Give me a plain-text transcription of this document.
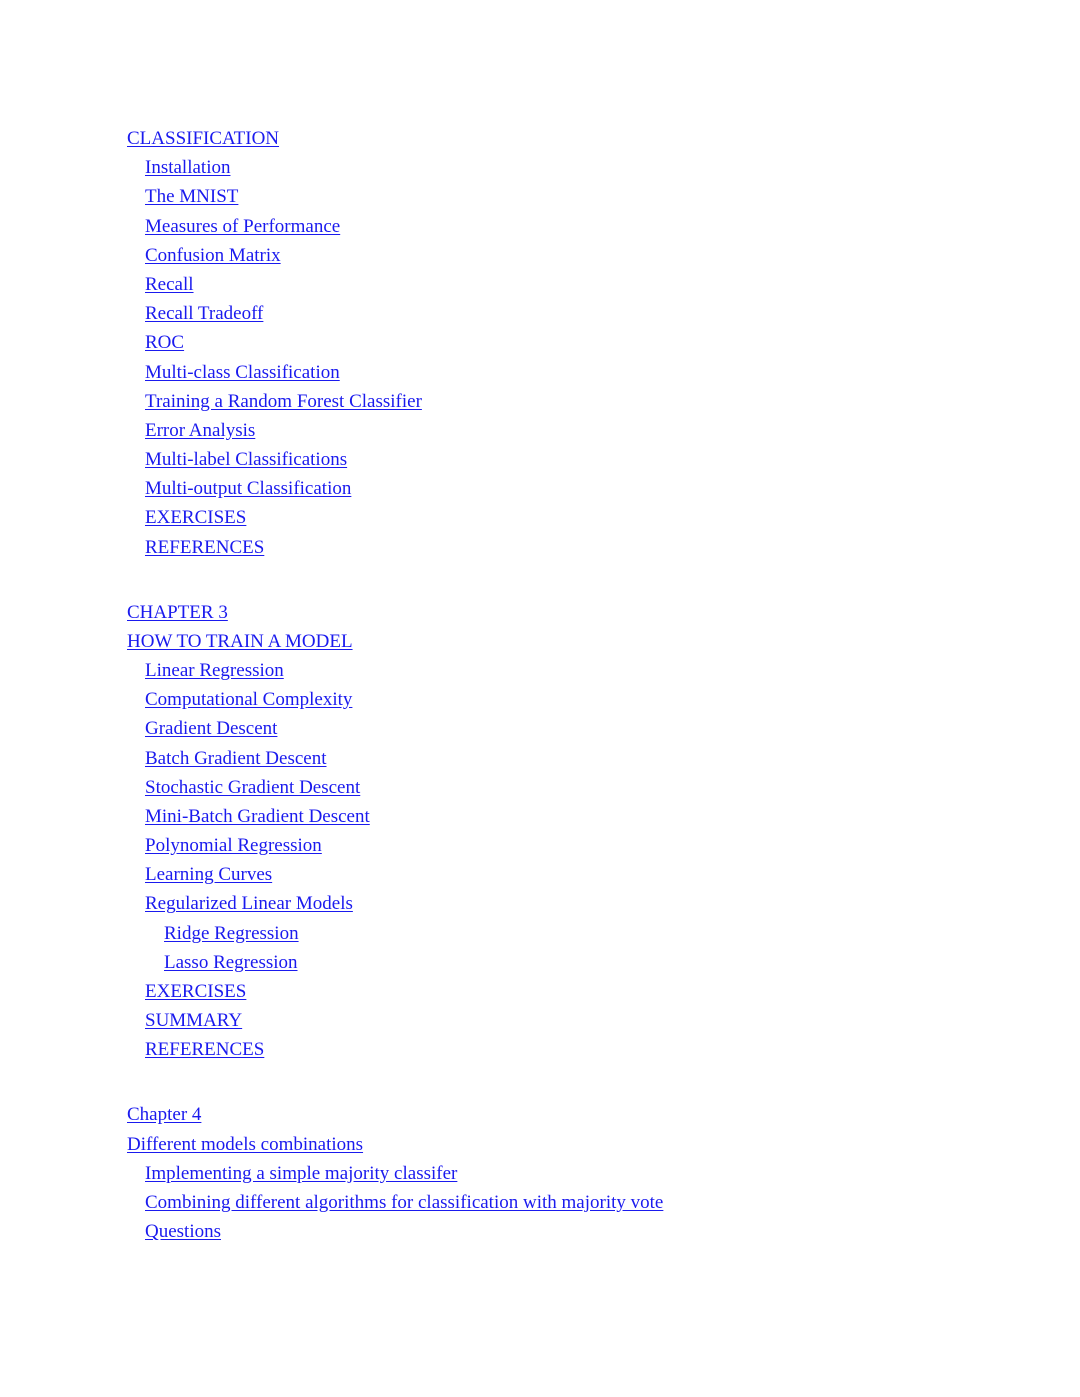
CLASSIFICATION
Installation
The MNIST
Measures of Performance
Confusion Matrix
Recall
Recall Tradeoff
ROC
Multi-class Classification
Training a Random Forest Classifier
Error Analysis
Multi-label Classifications
Multi-output Classification
EXERCISES
REFERENCES
CHAPTER 3
HOW TO TRAIN A MODEL
Linear Regression
Computational Complexity
Gradient Descent
Batch Gradient Descent
Stochastic Gradient Descent
Mini-Batch Gradient Descent
Polynomial Regression
Learning Curves
Regularized Linear Models
Ridge Regression
Lasso Regression
EXERCISES
SUMMARY
REFERENCES
Chapter 4
Different models combinations
Implementing a simple majority classifer
Combining different algorithms for classification with majority vote
Questions
